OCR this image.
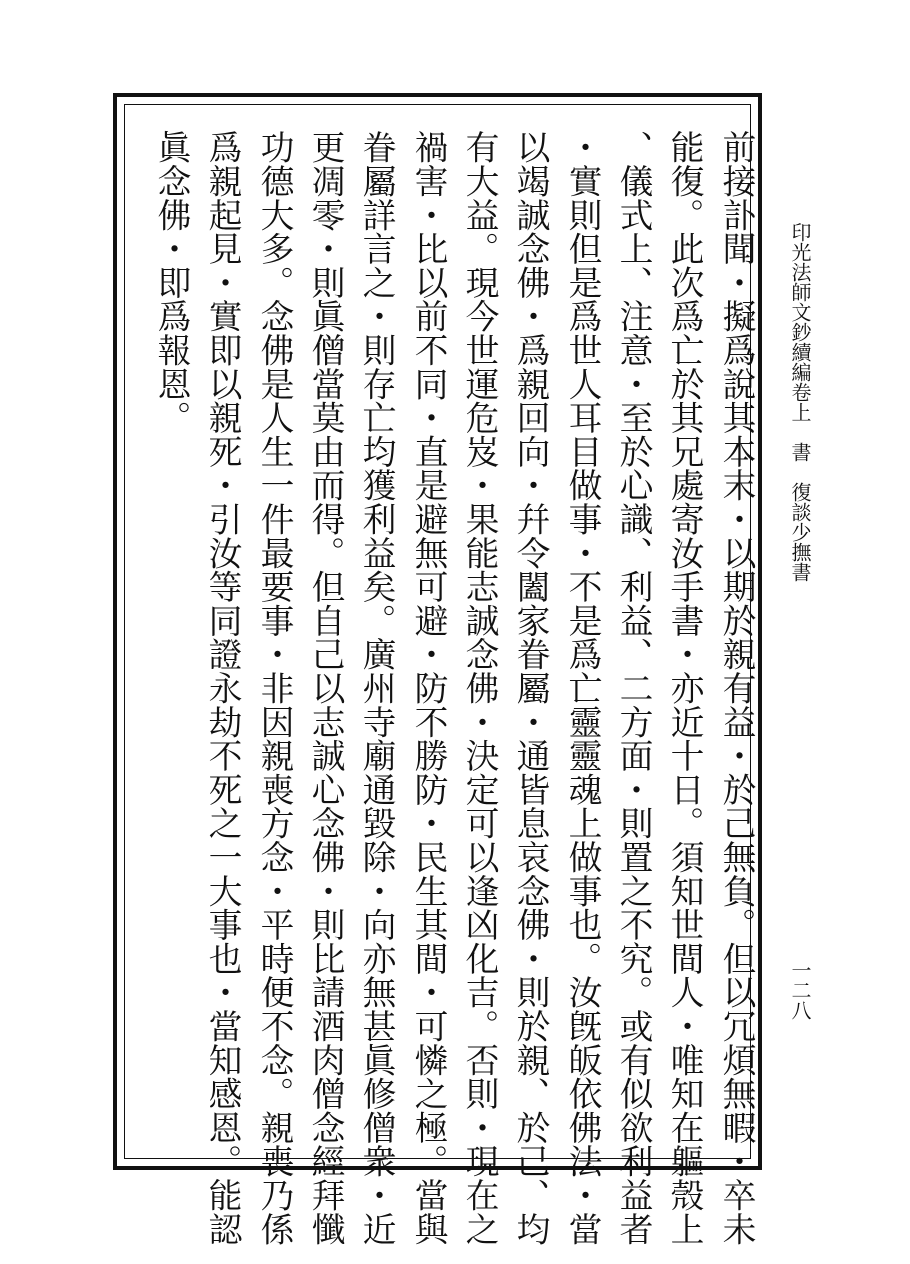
印光法師文鈔續編卷上　書　復談少撫書
一二八
前接訃聞・擬爲說其本末・以期於親有益・於己無負。但以冗煩無暇・卒未
能復。此次爲亡於其兄處寄汝手書・亦近十日。須知世間人・唯知在軀殼上
、儀式上、注意・至於心識、利益、二方面・則置之不究。或有似欲利益者
・實則但是爲世人耳目做事・不是爲亡靈靈魂上做事也。汝旣皈依佛法・當
以竭誠念佛・爲親回向・幷令闔家眷屬・通皆息哀念佛・則於親、於己、均
有大益。現今世運危岌・果能志誠念佛・決定可以逢凶化吉。否則・現在之
禍害・比以前不同・直是避無可避・防不勝防・民生其間・可憐之極。當與
眷屬詳言之・則存亡均獲利益矣。廣州寺廟通毀除・向亦無甚眞修僧衆・近
更凋零・則眞僧當莫由而得。但自己以志誠心念佛・則比請酒肉僧念經拜懺
功德大多。念佛是人生一件最要事・非因親喪方念・平時便不念。親喪乃係
爲親起見・實即以親死・引汝等同證永劫不死之一大事也・當知感恩。能認
眞念佛・即爲報恩。
